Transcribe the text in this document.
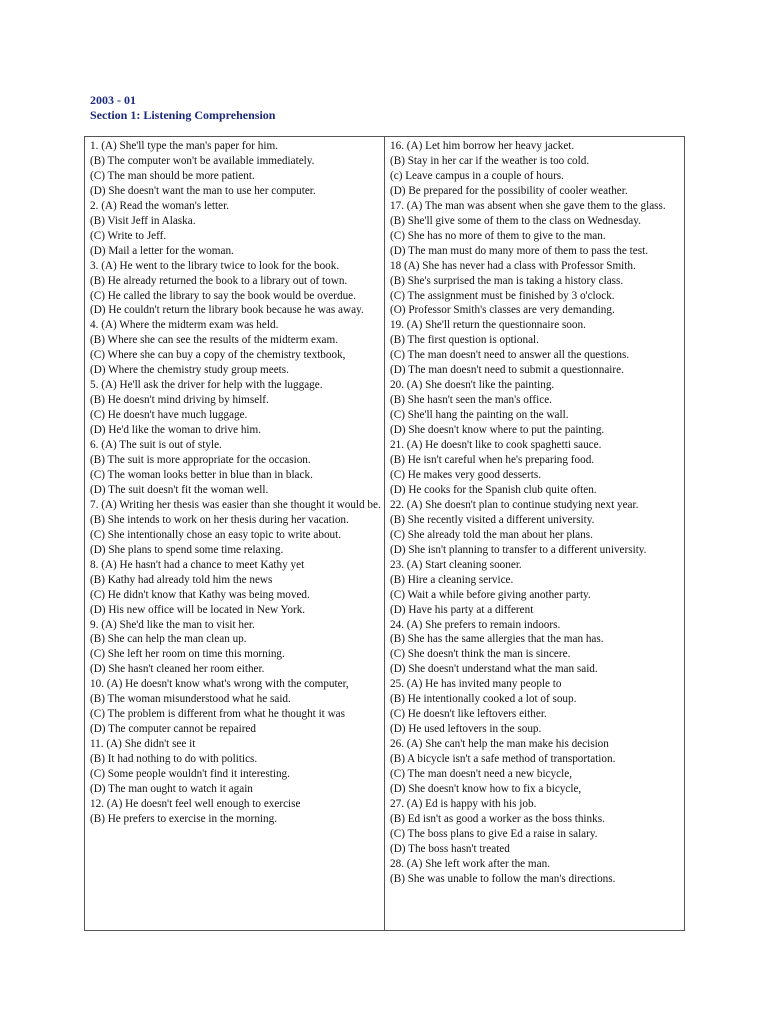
2003 - 01
Section 1: Listening Comprehension
1. (A) She'll type the man's paper for him.
(B) The computer won't be available immediately.
(C) The man should be more patient.
(D) She doesn't want the man to use her computer.
2. (A) Read the woman's letter.
(B) Visit Jeff in Alaska.
(C) Write to Jeff.
(D) Mail a letter for the woman.
3. (A) He went to the library twice to look for the book.
(B) He already returned the book to a library out of town.
(C) He called the library to say the book would be overdue.
(D) He couldn't return the library book because he was away.
4. (A) Where the midterm exam was held.
(B) Where she can see the results of the midterm exam.
(C) Where she can buy a copy of the chemistry textbook,
(D) Where the chemistry study group meets.
5. (A) He'll ask the driver for help with the luggage.
(B) He doesn't mind driving by himself.
(C) He doesn't have much luggage.
(D) He'd like the woman to drive him.
6. (A) The suit is out of style.
(B) The suit is more appropriate for the occasion.
(C) The woman looks better in blue than in black.
(D) The suit doesn't fit the woman well.
7. (A) Writing her thesis was easier than she thought it would be.
(B) She intends to work on her thesis during her vacation.
(C) She intentionally chose an easy topic to write about.
(D) She plans to spend some time relaxing.
8. (A) He hasn't had a chance to meet Kathy yet
(B) Kathy had already told him the news
(C) He didn't know that Kathy was being moved.
(D) His new office will be located in New York.
9. (A) She'd like the man to visit her.
(B) She can help the man clean up.
(C) She left her room on time this morning.
(D) She hasn't cleaned her room either.
10. (A) He doesn't know what's wrong with the computer,
(B) The woman misunderstood what he said.
(C) The problem is different from what he thought it was
(D) The computer cannot be repaired
11. (A) She didn't see it
(B) It had nothing to do with politics.
(C) Some people wouldn't find it interesting.
(D) The man ought to watch it again
12. (A) He doesn't feel well enough to exercise
(B) He prefers to exercise in the morning.
16. (A) Let him borrow her heavy jacket.
(B) Stay in her car if the weather is too cold.
(c) Leave campus in a couple of hours.
(D) Be prepared for the possibility of cooler weather.
17. (A) The man was absent when she gave them to the glass.
(B) She'll give some of them to the class on Wednesday.
(C) She has no more of them to give to the man.
(D) The man must do many more of them to pass the test.
18 (A) She has never had a class with Professor Smith.
(B) She's surprised the man is taking a history class.
(C) The assignment must be finished by 3 o'clock.
(O) Professor Smith's classes are very demanding.
19. (A) She'll return the questionnaire soon.
(B) The first question is optional.
(C) The man doesn't need to answer all the questions.
(D) The man doesn't need to submit a questionnaire.
20. (A) She doesn't like the painting.
(B) She hasn't seen the man's office.
(C) She'll hang the painting on the wall.
(D) She doesn't know where to put the painting.
21. (A) He doesn't like to cook spaghetti sauce.
(B) He isn't careful when he's preparing food.
(C) He makes very good desserts.
(D) He cooks for the Spanish club quite often.
22. (A) She doesn't plan to continue studying next year.
(B) She recently visited a different university.
(C) She already told the man about her plans.
(D) She isn't planning to transfer to a different university.
23. (A) Start cleaning sooner.
(B) Hire a cleaning service.
(C) Wait a while before giving another party.
(D) Have his party at a different
24. (A) She prefers to remain indoors.
(B) She has the same allergies that the man has.
(C) She doesn't think the man is sincere.
(D) She doesn't understand what the man said.
25. (A) He has invited many people to
(B) He intentionally cooked a lot of soup.
(C) He doesn't like leftovers either.
(D) He used leftovers in the soup.
26. (A) She can't help the man make his decision
(B) A bicycle isn't a safe method of transportation.
(C) The man doesn't need a new bicycle,
(D) She doesn't know how to fix a bicycle,
27. (A) Ed is happy with his job.
(B) Ed isn't as good a worker as the boss thinks.
(C) The boss plans to give Ed a raise in salary.
(D) The boss hasn't treated
28. (A) She left work after the man.
(B) She was unable to follow the man's directions.
